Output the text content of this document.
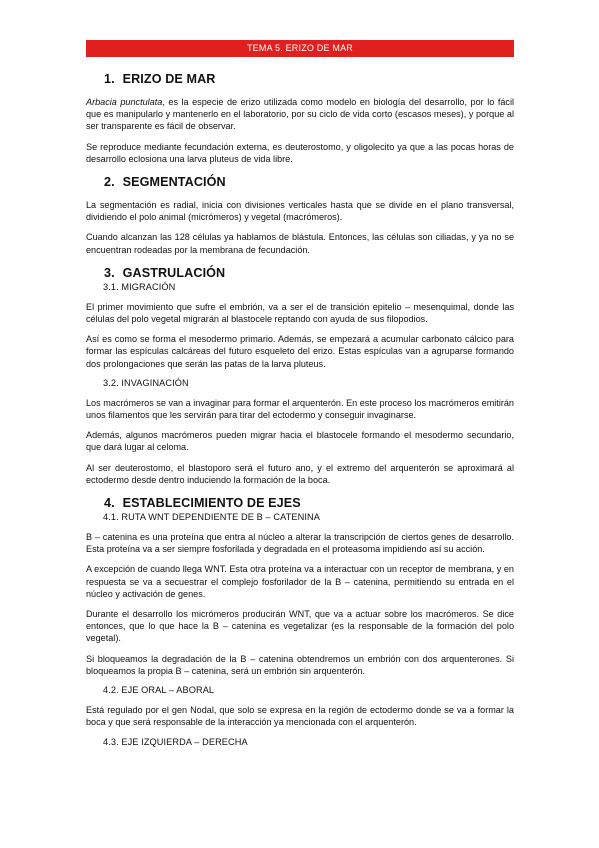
TEMA 5. ERIZO DE MAR
1. ERIZO DE MAR

Arbacia punctulata, es la especie de erizo utilizada como modelo en biología del desarrollo, por lo fácil que es manipularlo y mantenerlo en el laboratorio, por su ciclo de vida corto (escasos meses), y porque al ser transparente es fácil de observar.

Se reproduce mediante fecundación externa, es deuterostomo, y oligolecito ya que a las pocas horas de desarrollo eclosiona una larva pluteus de vida libre.

2. SEGMENTACIÓN

La segmentación es radial, inicia con divisiones verticales hasta que se divide en el plano transversal, dividiendo el polo animal (micrómeros) y vegetal (macrómeros).

Cuando alcanzan las 128 células ya hablamos de blástula. Entonces, las células son ciliadas, y ya no se encuentran rodeadas por la membrana de fecundación.

3. GASTRULACIÓN
3.1. MIGRACIÓN

El primer movimiento que sufre el embrión, va a ser el de transición epitelio – mesenquimal, donde las células del polo vegetal migrarán al blastocele reptando con ayuda de sus filopodios.

Así es como se forma el mesodermo primario. Además, se empezará a acumular carbonato cálcico para formar las espículas calcáreas del futuro esqueleto del erizo. Estas espículas van a agruparse formando dos prolongaciones que serán las patas de la larva pluteus.

3.2. INVAGINACIÓN

Los macrómeros se van a invaginar para formar el arquenterón. En este proceso los macrómeros emitirán unos filamentos que les servirán para tirar del ectodermo y conseguir invaginarse.

Además, algunos macrómeros pueden migrar hacia el blastocele formando el mesodermo secundario, que dará lugar al celoma.

Al ser deuterostomo, el blastoporo será el futuro ano, y el extremo del arquenterón se aproximará al ectodermo desde dentro induciendo la formación de la boca.

4. ESTABLECIMIENTO DE EJES
4.1. RUTA WNT DEPENDIENTE DE B – CATENINA

B – catenina es una proteína que entra al núcleo a alterar la transcripción de ciertos genes de desarrollo. Esta proteína va a ser siempre fosforilada y degradada en el proteasoma impidiendo así su acción.

A excepción de cuando llega WNT. Esta otra proteína va a interactuar con un receptor de membrana, y en respuesta se va a secuestrar el complejo fosforilador de la B – catenina, permitiendo su entrada en el núcleo y activación de genes.

Durante el desarrollo los micrómeros producirán WNT, que va a actuar sobre los macrómeros. Se dice entonces, que lo que hace la B – catenina es vegetalizar (es la responsable de la formación del polo vegetal).

Si bloqueamos la degradación de la B – catenina obtendremos un embrión con dos arquenterones. Si bloqueamos la propia B – catenina, será un embrión sin arquenterón.

4.2. EJE ORAL – ABORAL

Está regulado por el gen Nodal, que solo se expresa en la región de ectodermo donde se va a formar la boca y que será responsable de la interacción ya mencionada con el arquenterón.

4.3. EJE IZQUIERDA – DERECHA
